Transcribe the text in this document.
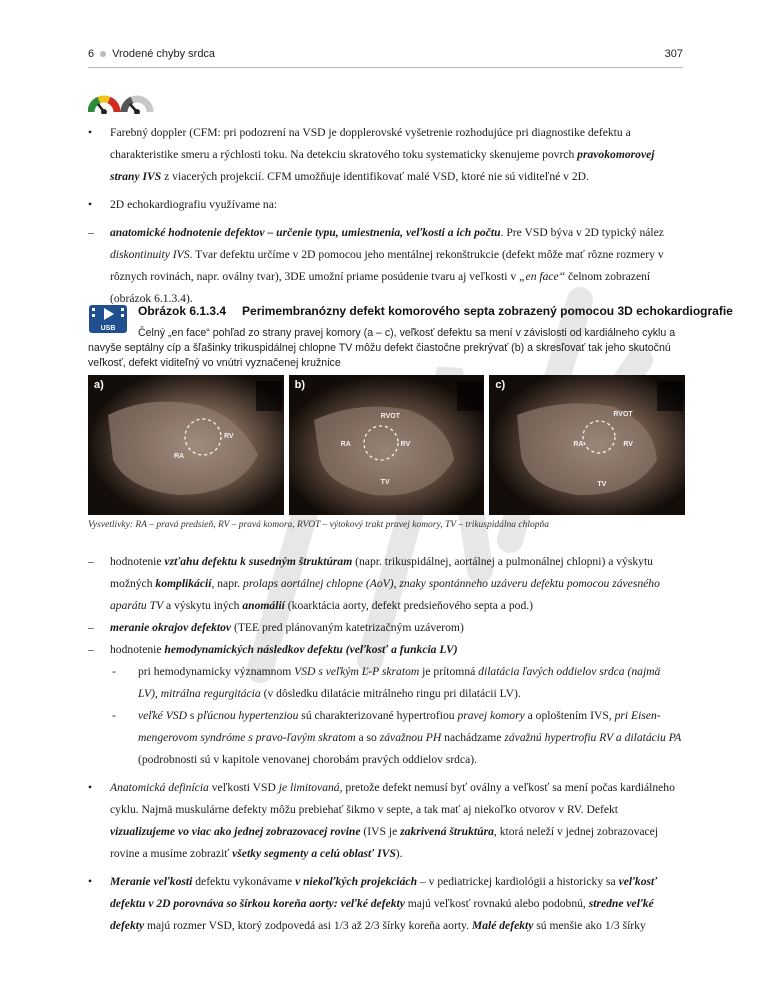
6 Vrodené chyby srdca	307
•	Farebný doppler (CFM: pri podozrení na VSD je dopplerovské vyšetrenie rozhodujúce pri diagnostike defektu a charakteristike smeru a rýchlosti toku. Na detekciu skratového toku systematicky skenujeme povrch pravokomorovej strany IVS z viacerých projekcií. CFM umožňuje identifikovať malé VSD, ktoré nie sú viditeľné v 2D.
•	2D echokardiografiu využívame na:
–	anatomické hodnotenie defektov – určenie typu, umiestnenia, veľkosti a ich počtu. Pre VSD býva v 2D typický nález diskontinuity IVS. Tvar defektu určíme v 2D pomocou jeho mentálnej rekonštrukcie (defekt môže mať rôzne rozmery v rôznych rovinách, napr. oválny tvar), 3DE umožní priame posúdenie tvaru aj veľkosti v „en face“ čelnom zobrazení (obrázok 6.1.3.4).
USB
Obrázok 6.1.3.4 Perimembranózny defekt komorového septa zobrazený pomocou 3D echokardiografie

Čelný „en face“ pohľad zo strany pravej komory (a – c), veľkosť defektu sa mení v závislosti od kardiálneho cyklu a navyše septálny cíp a šľašinky trikuspidálnej chlopne TV môžu defekt čiastočne prekrývať (b) a skresľovať tak jeho skutočnú veľkosť, defekt viditeľný vo vnútri vyznačenej kružnice

a)
RV
RA
b)
RVOT
RA	RV
TV
c)
RVOT
RA	RV
TV
Vysvetlivky: RA – pravá predsieň, RV – pravá komora, RVOT – výtokový trakt pravej komory, TV – trikuspidálna chlopňa
–	hodnotenie vzťahu defektu k susedným štruktúram (napr. trikuspidálnej, aortálnej a pulmonálnej chlopni) a výskytu možných komplikácií, napr. prolaps aortálnej chlopne (AoV), znaky spontánneho uzáveru defektu pomocou závesného aparátu TV a výskytu iných anomálií (koarktácia aorty, defekt predsieňového septa a pod.)
–	meranie okrajov defektov (TEE pred plánovaným katetrizačným uzáverom)
–	hodnotenie hemodynamických následkov defektu (veľkosť a funkcia LV)
-	pri hemodynamicky významnom VSD s veľkým Ľ-P skratom je prítomná dilatácia ľavých oddielov srdca (najmä LV), mitrálna regurgitácia (v dôsledku dilatácie mitrálneho ringu pri dilatácii LV).
-	veľké VSD s pľúcnou hypertenziou sú charakterizované hypertrofiou pravej komory a oploštením IVS, pri Eisenmengerovom syndróme s pravo-ľavým skratom a so závažnou PH nachádzame závažnú hypertrofiu RV a dilatáciu PA (podrobnosti sú v kapitole venovanej chorobám pravých oddielov srdca).
•	Anatomická definícia veľkosti VSD je limitovaná, pretože defekt nemusí byť oválny a veľkosť sa mení počas kardiálneho cyklu. Najmä muskulárne defekty môžu prebiehať šikmo v septe, a tak mať aj niekoľko otvorov v RV. Defekt vizualizujeme vo viac ako jednej zobrazovacej rovine (IVS je zakrivená štruktúra, ktorá neleží v jednej zobrazovacej rovine a musíme zobraziť všetky segmenty a celú oblasť IVS).
•	Meranie veľkosti defektu vykonávame v niekoľkých projekciách – v pediatrickej kardiológii a historicky sa veľkosť defektu v 2D porovnáva so šírkou koreňa aorty: veľké defekty majú veľkosť rovnakú alebo podobnú, stredne veľké defekty majú rozmer VSD, ktorý zodpovedá asi 1/3 až 2/3 šírky koreňa aorty. Malé defekty sú menšie ako 1/3 šírky
